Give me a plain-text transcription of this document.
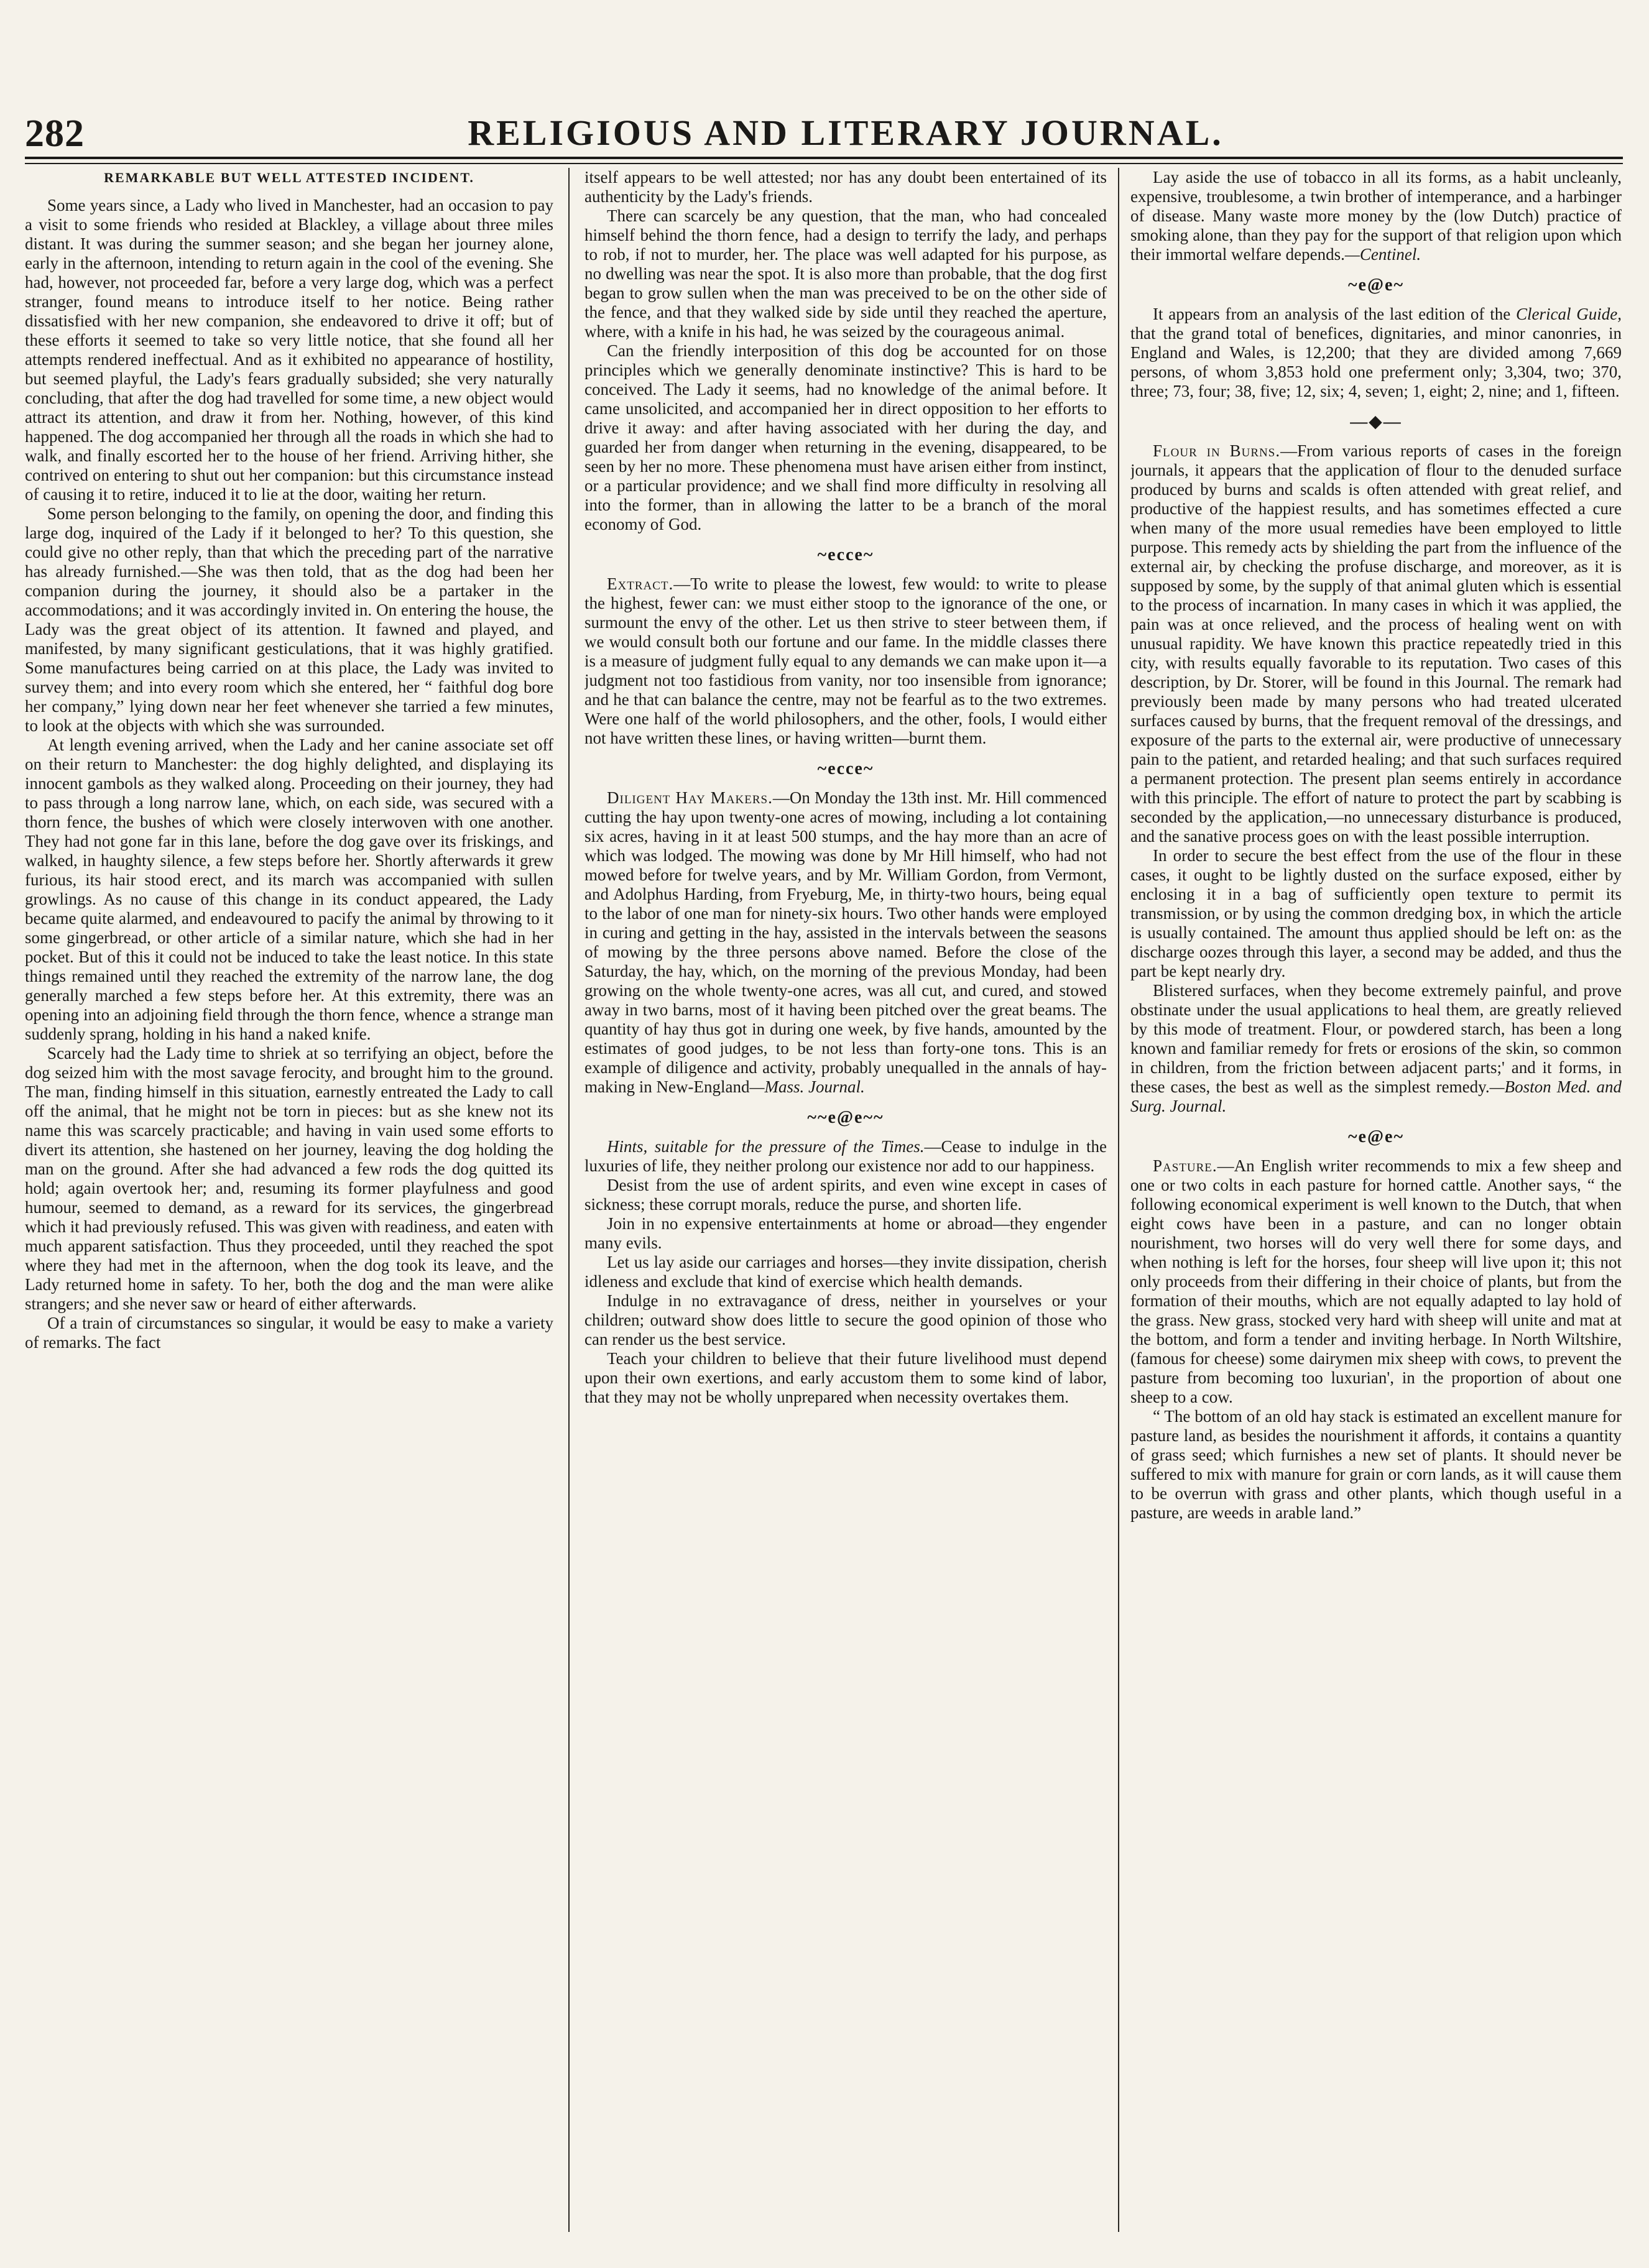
282	RELIGIOUS AND LITERARY JOURNAL.

REMARKABLE BUT WELL ATTESTED INCIDENT.

Some years since, a Lady who lived in Manchester, had an occasion to pay a visit to some friends who resided at Blackley, a village about three miles distant. It was during the summer season; and she began her journey alone, early in the afternoon, intending to return again in the cool of the evening. She had, however, not proceeded far, before a very large dog, which was a perfect stranger, found means to introduce itself to her notice. Being rather dissatisfied with her new companion, she endeavored to drive it off; but of these efforts it seemed to take so very little notice, that she found all her attempts rendered ineffectual. And as it exhibited no appearance of hostility, but seemed playful, the Lady's fears gradually subsided; she very naturally concluding, that after the dog had travelled for some time, a new object would attract its attention, and draw it from her. Nothing, however, of this kind happened. The dog accompanied her through all the roads in which she had to walk, and finally escorted her to the house of her friend. Arriving hither, she contrived on entering to shut out her companion: but this circumstance instead of causing it to retire, induced it to lie at the door, waiting her return.

Some person belonging to the family, on opening the door, and finding this large dog, inquired of the Lady if it belonged to her? To this question, she could give no other reply, than that which the preceding part of the narrative has already furnished.—She was then told, that as the dog had been her companion during the journey, it should also be a partaker in the accommodations; and it was accordingly invited in. On entering the house, the Lady was the great object of its attention. It fawned and played, and manifested, by many significant gesticulations, that it was highly gratified. Some manufactures being carried on at this place, the Lady was invited to survey them; and into every room which she entered, her “ faithful dog bore her company,” lying down near her feet whenever she tarried a few minutes, to look at the objects with which she was surrounded.

At length evening arrived, when the Lady and her canine associate set off on their return to Manchester: the dog highly delighted, and displaying its innocent gambols as they walked along. Proceeding on their journey, they had to pass through a long narrow lane, which, on each side, was secured with a thorn fence, the bushes of which were closely interwoven with one another. They had not gone far in this lane, before the dog gave over its friskings, and walked, in haughty silence, a few steps before her. Shortly afterwards it grew furious, its hair stood erect, and its march was accompanied with sullen growlings. As no cause of this change in its conduct appeared, the Lady became quite alarmed, and endeavoured to pacify the animal by throwing to it some gingerbread, or other article of a similar nature, which she had in her pocket. But of this it could not be induced to take the least notice. In this state things remained until they reached the extremity of the narrow lane, the dog generally marched a few steps before her. At this extremity, there was an opening into an adjoining field through the thorn fence, whence a strange man suddenly sprang, holding in his hand a naked knife.

Scarcely had the Lady time to shriek at so terrifying an object, before the dog seized him with the most savage ferocity, and brought him to the ground. The man, finding himself in this situation, earnestly entreated the Lady to call off the animal, that he might not be torn in pieces: but as she knew not its name this was scarcely practicable; and having in vain used some efforts to divert its attention, she hastened on her journey, leaving the dog holding the man on the ground. After she had advanced a few rods the dog quitted its hold; again overtook her; and, resuming its former playfulness and good humour, seemed to demand, as a reward for its services, the gingerbread which it had previously refused. This was given with readiness, and eaten with much apparent satisfaction. Thus they proceeded, until they reached the spot where they had met in the afternoon, when the dog took its leave, and the Lady returned home in safety. To her, both the dog and the man were alike strangers; and she never saw or heard of either afterwards.

Of a train of circumstances so singular, it would be easy to make a variety of remarks. The fact

itself appears to be well attested; nor has any doubt been entertained of its authenticity by the Lady's friends.

There can scarcely be any question, that the man, who had concealed himself behind the thorn fence, had a design to terrify the lady, and perhaps to rob, if not to murder, her. The place was well adapted for his purpose, as no dwelling was near the spot. It is also more than probable, that the dog first began to grow sullen when the man was preceived to be on the other side of the fence, and that they walked side by side until they reached the aperture, where, with a knife in his had, he was seized by the courageous animal.

Can the friendly interposition of this dog be accounted for on those principles which we generally denominate instinctive? This is hard to be conceived. The Lady it seems, had no knowledge of the animal before. It came unsolicited, and accompanied her in direct opposition to her efforts to drive it away: and after having associated with her during the day, and guarded her from danger when returning in the evening, disappeared, to be seen by her no more. These phenomena must have arisen either from instinct, or a particular providence; and we shall find more difficulty in resolving all into the former, than in allowing the latter to be a branch of the moral economy of God.

~ecce~

Extract.—To write to please the lowest, few would: to write to please the highest, fewer can: we must either stoop to the ignorance of the one, or surmount the envy of the other. Let us then strive to steer between them, if we would consult both our fortune and our fame. In the middle classes there is a measure of judgment fully equal to any demands we can make upon it—a judgment not too fastidious from vanity, nor too insensible from ignorance; and he that can balance the centre, may not be fearful as to the two extremes. Were one half of the world philosophers, and the other, fools, I would either not have written these lines, or having written—burnt them.

~ecce~

Diligent Hay Makers.—On Monday the 13th inst. Mr. Hill commenced cutting the hay upon twenty-one acres of mowing, including a lot containing six acres, having in it at least 500 stumps, and the hay more than an acre of which was lodged. The mowing was done by Mr Hill himself, who had not mowed before for twelve years, and by Mr. William Gordon, from Vermont, and Adolphus Harding, from Fryeburg, Me, in thirty-two hours, being equal to the labor of one man for ninety-six hours. Two other hands were employed in curing and getting in the hay, assisted in the intervals between the seasons of mowing by the three persons above named. Before the close of the Saturday, the hay, which, on the morning of the previous Monday, had been growing on the whole twenty-one acres, was all cut, and cured, and stowed away in two barns, most of it having been pitched over the great beams. The quantity of hay thus got in during one week, by five hands, amounted by the estimates of good judges, to be not less than forty-one tons. This is an example of diligence and activity, probably unequalled in the annals of hay-making in New-England—Mass. Journal.

~~e@e~~

Hints, suitable for the pressure of the Times.—Cease to indulge in the luxuries of life, they neither prolong our existence nor add to our happiness.

Desist from the use of ardent spirits, and even wine except in cases of sickness; these corrupt morals, reduce the purse, and shorten life.

Join in no expensive entertainments at home or abroad—they engender many evils.

Let us lay aside our carriages and horses—they invite dissipation, cherish idleness and exclude that kind of exercise which health demands.

Indulge in no extravagance of dress, neither in yourselves or your children; outward show does little to secure the good opinion of those who can render us the best service.

Teach your children to believe that their future livelihood must depend upon their own exertions, and early accustom them to some kind of labor, that they may not be wholly unprepared when necessity overtakes them.

Lay aside the use of tobacco in all its forms, as a habit uncleanly, expensive, troublesome, a twin brother of intemperance, and a harbinger of disease. Many waste more money by the (low Dutch) practice of smoking alone, than they pay for the support of that religion upon which their immortal welfare depends.—Centinel.

~e@e~

It appears from an analysis of the last edition of the Clerical Guide, that the grand total of benefices, dignitaries, and minor canonries, in England and Wales, is 12,200; that they are divided among 7,669 persons, of whom 3,853 hold one preferment only; 3,304, two; 370, three; 73, four; 38, five; 12, six; 4, seven; 1, eight; 2, nine; and 1, fifteen.

—◆—

Flour in Burns.—From various reports of cases in the foreign journals, it appears that the application of flour to the denuded surface produced by burns and scalds is often attended with great relief, and productive of the happiest results, and has sometimes effected a cure when many of the more usual remedies have been employed to little purpose. This remedy acts by shielding the part from the influence of the external air, by checking the profuse discharge, and moreover, as it is supposed by some, by the supply of that animal gluten which is essential to the process of incarnation. In many cases in which it was applied, the pain was at once relieved, and the process of healing went on with unusual rapidity. We have known this practice repeatedly tried in this city, with results equally favorable to its reputation. Two cases of this description, by Dr. Storer, will be found in this Journal. The remark had previously been made by many persons who had treated ulcerated surfaces caused by burns, that the frequent removal of the dressings, and exposure of the parts to the external air, were productive of unnecessary pain to the patient, and retarded healing; and that such surfaces required a permanent protection. The present plan seems entirely in accordance with this principle. The effort of nature to protect the part by scabbing is seconded by the application,—no unnecessary disturbance is produced, and the sanative process goes on with the least possible interruption.

In order to secure the best effect from the use of the flour in these cases, it ought to be lightly dusted on the surface exposed, either by enclosing it in a bag of sufficiently open texture to permit its transmission, or by using the common dredging box, in which the article is usually contained. The amount thus applied should be left on: as the discharge oozes through this layer, a second may be added, and thus the part be kept nearly dry.

Blistered surfaces, when they become extremely painful, and prove obstinate under the usual applications to heal them, are greatly relieved by this mode of treatment. Flour, or powdered starch, has been a long known and familiar remedy for frets or erosions of the skin, so common in children, from the friction between adjacent parts;' and it forms, in these cases, the best as well as the simplest remedy.—Boston Med. and Surg. Journal.

~e@e~

Pasture.—An English writer recommends to mix a few sheep and one or two colts in each pasture for horned cattle. Another says, “ the following economical experiment is well known to the Dutch, that when eight cows have been in a pasture, and can no longer obtain nourishment, two horses will do very well there for some days, and when nothing is left for the horses, four sheep will live upon it; this not only proceeds from their differing in their choice of plants, but from the formation of their mouths, which are not equally adapted to lay hold of the grass. New grass, stocked very hard with sheep will unite and mat at the bottom, and form a tender and inviting herbage. In North Wiltshire, (famous for cheese) some dairymen mix sheep with cows, to prevent the pasture from becoming too luxurian', in the proportion of about one sheep to a cow.

“ The bottom of an old hay stack is estimated an excellent manure for pasture land, as besides the nourishment it affords, it contains a quantity of grass seed; which furnishes a new set of plants. It should never be suffered to mix with manure for grain or corn lands, as it will cause them to be overrun with grass and other plants, which though useful in a pasture, are weeds in arable land.”
